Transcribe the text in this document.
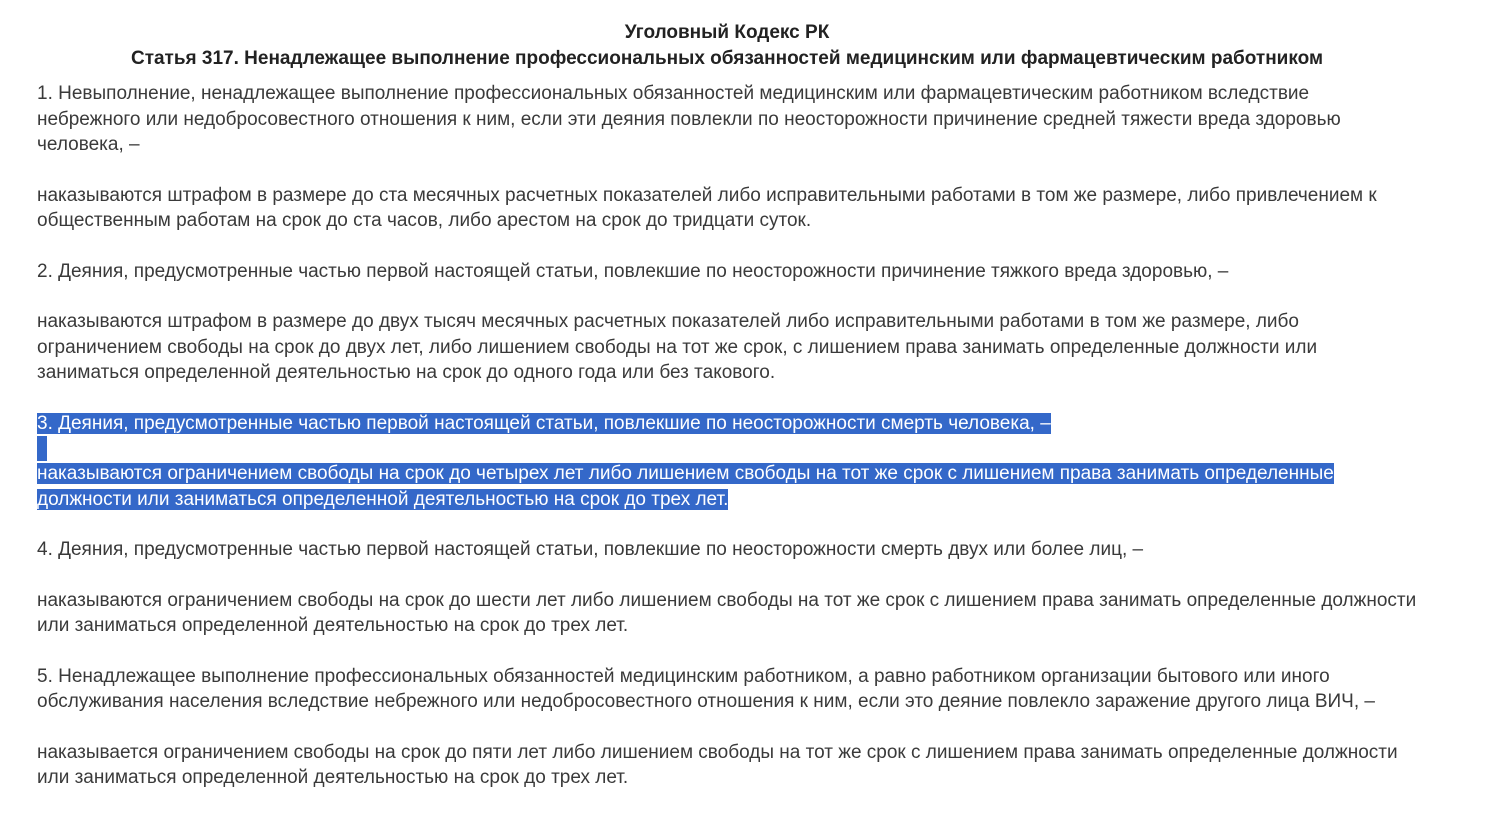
Уголовный Кодекс РК
Статья 317. Ненадлежащее выполнение профессиональных обязанностей медицинским или фармацевтическим работником

1. Невыполнение, ненадлежащее выполнение профессиональных обязанностей медицинским или фармацевтическим работником вследствие небрежного или недобросовестного отношения к ним, если эти деяния повлекли по неосторожности причинение средней тяжести вреда здоровью человека, –

наказываются штрафом в размере до ста месячных расчетных показателей либо исправительными работами в том же размере, либо привлечением к общественным работам на срок до ста часов, либо арестом на срок до тридцати суток.

2. Деяния, предусмотренные частью первой настоящей статьи, повлекшие по неосторожности причинение тяжкого вреда здоровью, –

наказываются штрафом в размере до двух тысяч месячных расчетных показателей либо исправительными работами в том же размере, либо ограничением свободы на срок до двух лет, либо лишением свободы на тот же срок, с лишением права занимать определенные должности или заниматься определенной деятельностью на срок до одного года или без такового.

3. Деяния, предусмотренные частью первой настоящей статьи, повлекшие по неосторожности смерть человека, –

наказываются ограничением свободы на срок до четырех лет либо лишением свободы на тот же срок с лишением права занимать определенные должности или заниматься определенной деятельностью на срок до трех лет.

4. Деяния, предусмотренные частью первой настоящей статьи, повлекшие по неосторожности смерть двух или более лиц, –

наказываются ограничением свободы на срок до шести лет либо лишением свободы на тот же срок с лишением права занимать определенные должности или заниматься определенной деятельностью на срок до трех лет.

5. Ненадлежащее выполнение профессиональных обязанностей медицинским работником, а равно работником организации бытового или иного обслуживания населения вследствие небрежного или недобросовестного отношения к ним, если это деяние повлекло заражение другого лица ВИЧ, –

наказывается ограничением свободы на срок до пяти лет либо лишением свободы на тот же срок с лишением права занимать определенные должности или заниматься определенной деятельностью на срок до трех лет.
